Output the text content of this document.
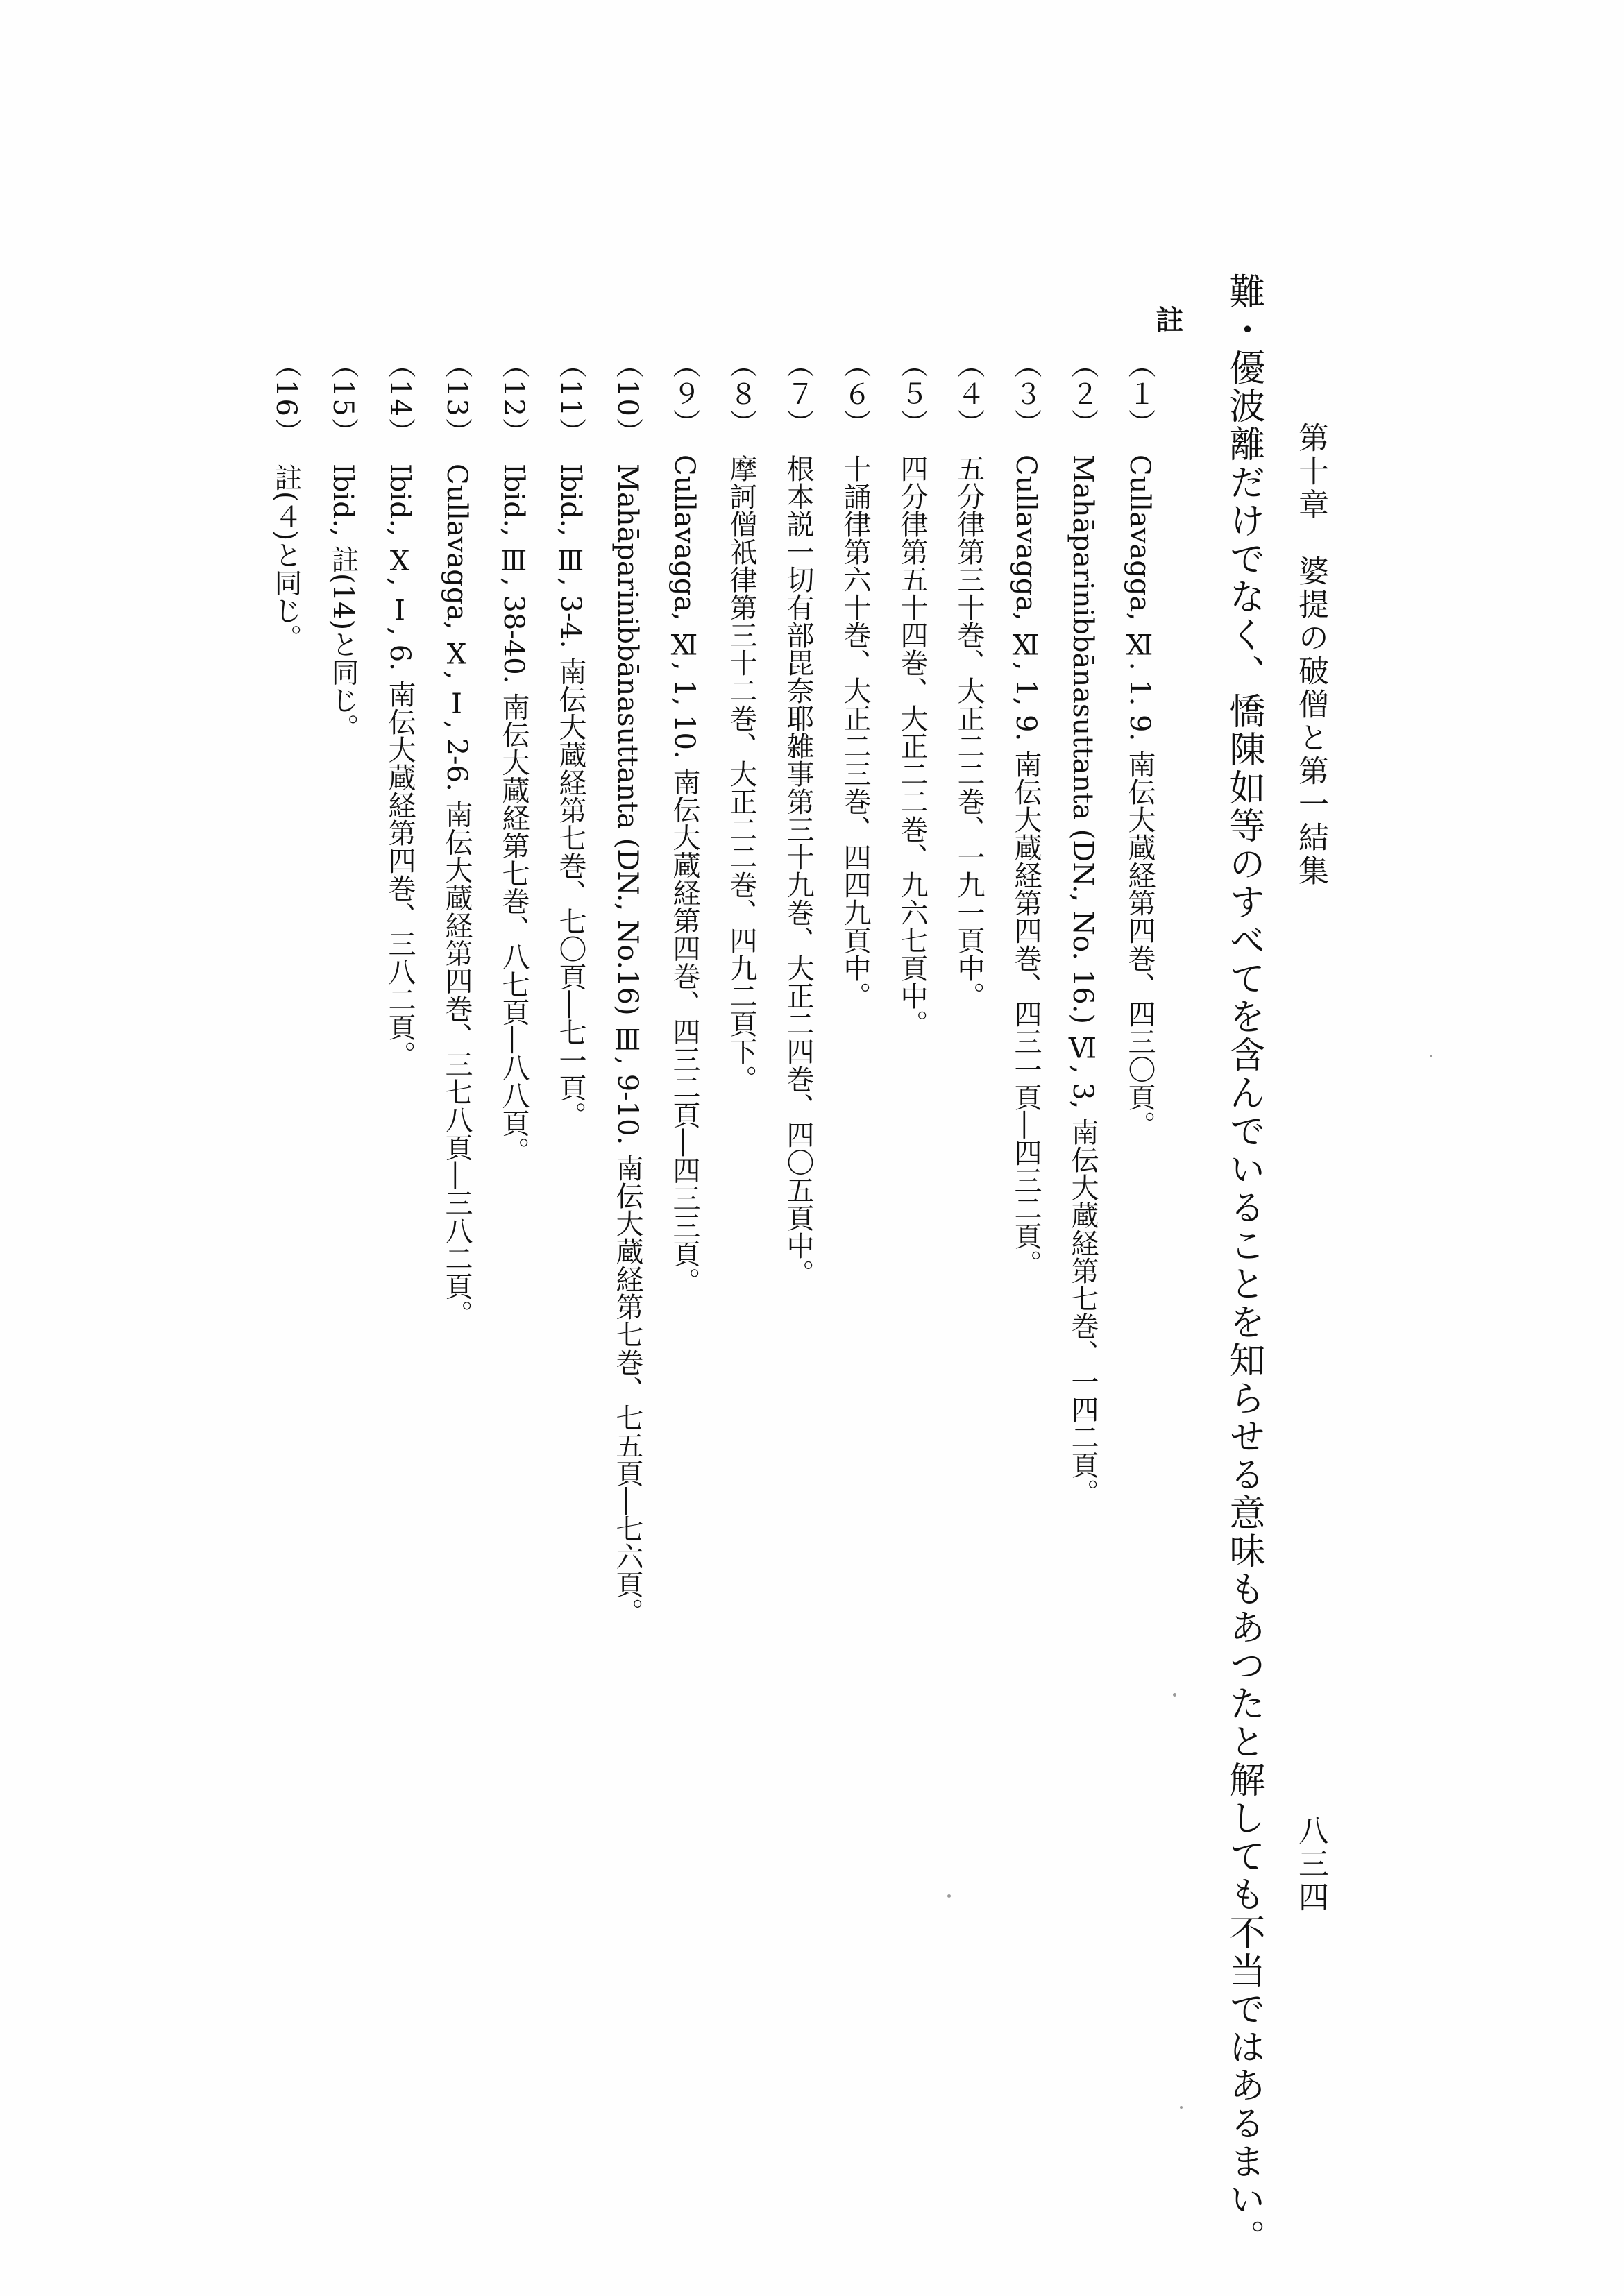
第十章　婆提の破僧と第一結集
八三四
難・優波離だけでなく、憍陳如等のすべてを含んでいることを知らせる意味もあつたと解しても不当ではあるまい。
註
（１）Cullavagga, Ⅺ. 1. 9. 南伝大蔵経第四巻、四三〇頁。
（２）Mahāparinibbānasuttanta (DN., No. 16.) Ⅵ, 3, 南伝大蔵経第七巻、一四二頁。
（３）Cullavagga, Ⅺ, 1, 9. 南伝大蔵経第四巻、四三一頁―四三二頁。
（４）五分律第三十巻、大正二二巻、一九一頁中。
（５）四分律第五十四巻、大正二二巻、九六七頁中。
（６）十誦律第六十巻、大正二三巻、四四九頁中。
（７）根本説一切有部毘奈耶雑事第三十九巻、大正二四巻、四〇五頁中。
（８）摩訶僧祇律第三十二巻、大正二二巻、四九二頁下。
（９）Cullavagga, Ⅺ, 1, 10. 南伝大蔵経第四巻、四三二頁―四三三頁。
（10）Mahāparinibbānasuttanta (DN., No.16) Ⅲ, 9-10. 南伝大蔵経第七巻、七五頁―七六頁。
（11）Ibid., Ⅲ, 3-4. 南伝大蔵経第七巻、七〇頁―七一頁。
（12）Ibid., Ⅲ, 38-40. 南伝大蔵経第七巻、八七頁―八八頁。
（13）Cullavagga, Ⅹ, Ⅰ, 2-6. 南伝大蔵経第四巻、三七八頁―三八二頁。
（14）Ibid., Ⅹ, Ⅰ, 6. 南伝大蔵経第四巻、三八二頁。
（15）Ibid., 註(14)と同じ。
（16）註(４)と同じ。
